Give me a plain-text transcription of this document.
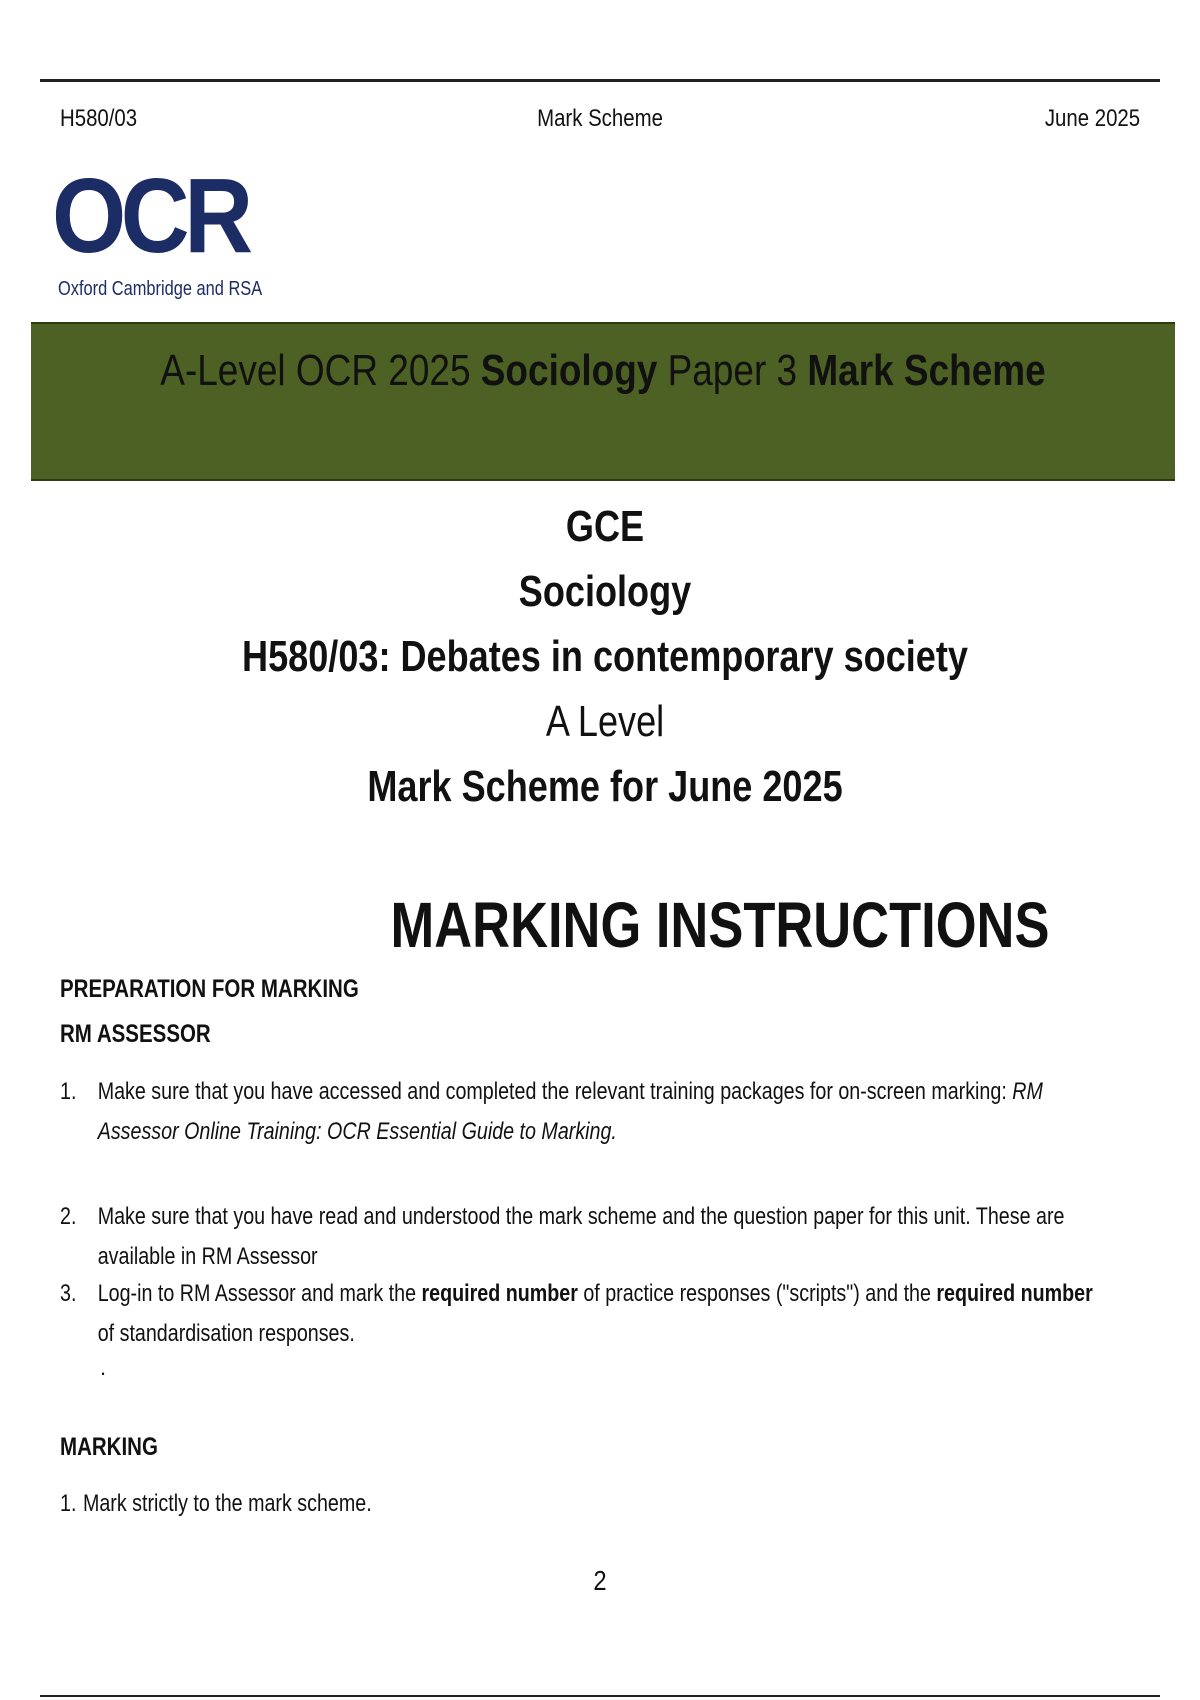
H580/03	Mark Scheme	June 2025
OCR
Oxford Cambridge and RSA
A-Level OCR 2025 Sociology Paper 3 Mark Scheme
GCE
Sociology
H580/03: Debates in contemporary society
A Level
Mark Scheme for June 2025
MARKING INSTRUCTIONS
PREPARATION FOR MARKING
RM ASSESSOR
1. Make sure that you have accessed and completed the relevant training packages for on-screen marking: RM Assessor Online Training: OCR Essential Guide to Marking.
2. Make sure that you have read and understood the mark scheme and the question paper for this unit. These are available in RM Assessor
3. Log-in to RM Assessor and mark the required number of practice responses ("scripts") and the required number of standardisation responses.
.
MARKING
1. Mark strictly to the mark scheme.
2
